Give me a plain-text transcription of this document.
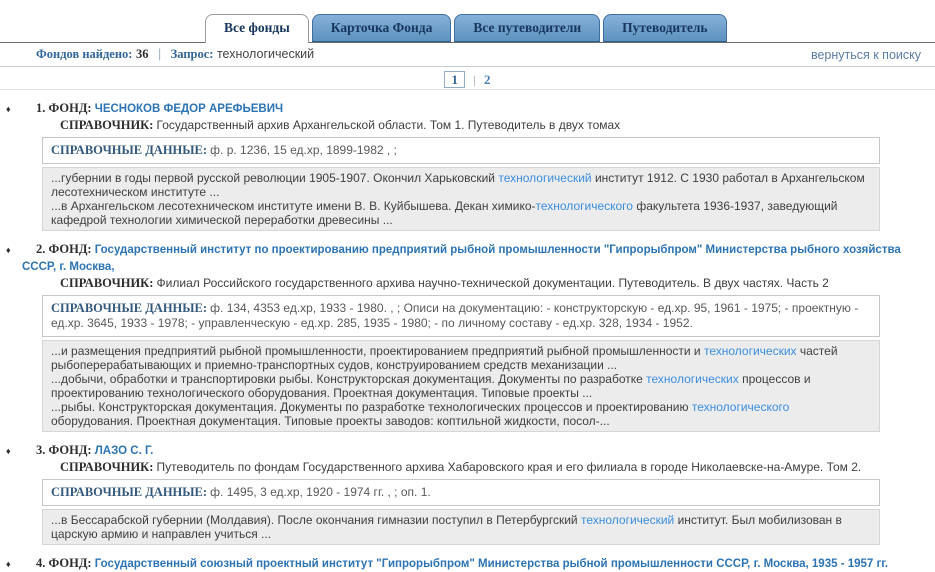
Все фонды	Карточка Фонда	Все путеводители	Путеводитель
Фондов найдено: 36 | Запрос: технологический	вернуться к поиску
1 | 2
♦ 1. ФОНД: ЧЕСНОКОВ ФЕДОР АРЕФЬЕВИЧ
СПРАВОЧНИК: Государственный архив Архангельской области. Том 1. Путеводитель в двух томах
СПРАВОЧНЫЕ ДАННЫЕ: ф. р. 1236, 15 ед.хр, 1899-1982 , ;
...губернии в годы первой русской революции 1905-1907. Окончил Харьковский технологический институт 1912. С 1930 работал в Архангельском лесотехническом институте ...
...в Архангельском лесотехническом институте имени В. В. Куйбышева. Декан химико-технологического факультета 1936-1937, заведующий кафедрой технологии химической переработки древесины ...
♦ 2. ФОНД: Государственный институт по проектированию предприятий рыбной промышленности "Гипрорыбпром" Министерства рыбного хозяйства СССР, г. Москва,
СПРАВОЧНИК: Филиал Российского государственного архива научно-технической документации. Путеводитель. В двух частях. Часть 2
СПРАВОЧНЫЕ ДАННЫЕ: ф. 134, 4353 ед.хр, 1933 - 1980. , ; Описи на документацию: - конструкторскую - ед.хр. 95, 1961 - 1975; - проектную - ед.хр. 3645, 1933 - 1978; - управленческую - ед.хр. 285, 1935 - 1980; - по личному составу - ед.хр. 328, 1934 - 1952.
...и размещения предприятий рыбной промышленности, проектированием предприятий рыбной промышленности и технологических частей рыбоперерабатывающих и приемно-транспортных судов, конструированием средств механизации ...
...добычи, обработки и транспортировки рыбы. Конструкторская документация. Документы по разработке технологических процессов и проектированию технологического оборудования. Проектная документация. Типовые проекты ...
...рыбы. Конструкторская документация. Документы по разработке технологических процессов и проектированию технологического оборудования. Проектная документация. Типовые проекты заводов: коптильной жидкости, посол-...
♦ 3. ФОНД: ЛАЗО С. Г.
СПРАВОЧНИК: Путеводитель по фондам Государственного архива Хабаровского края и его филиала в городе Николаевске-на-Амуре. Том 2.
СПРАВОЧНЫЕ ДАННЫЕ: ф. 1495, 3 ед.хр, 1920 - 1974 гг. , ; оп. 1.
...в Бессарабской губернии (Молдавия). После окончания гимназии поступил в Петербургский технологический институт. Был мобилизован в царскую армию и направлен учиться ...
♦ 4. ФОНД: Государственный союзный проектный институт "Гипрорыбпром" Министерства рыбной промышленности СССР, г. Москва, 1935 - 1957 гг.
